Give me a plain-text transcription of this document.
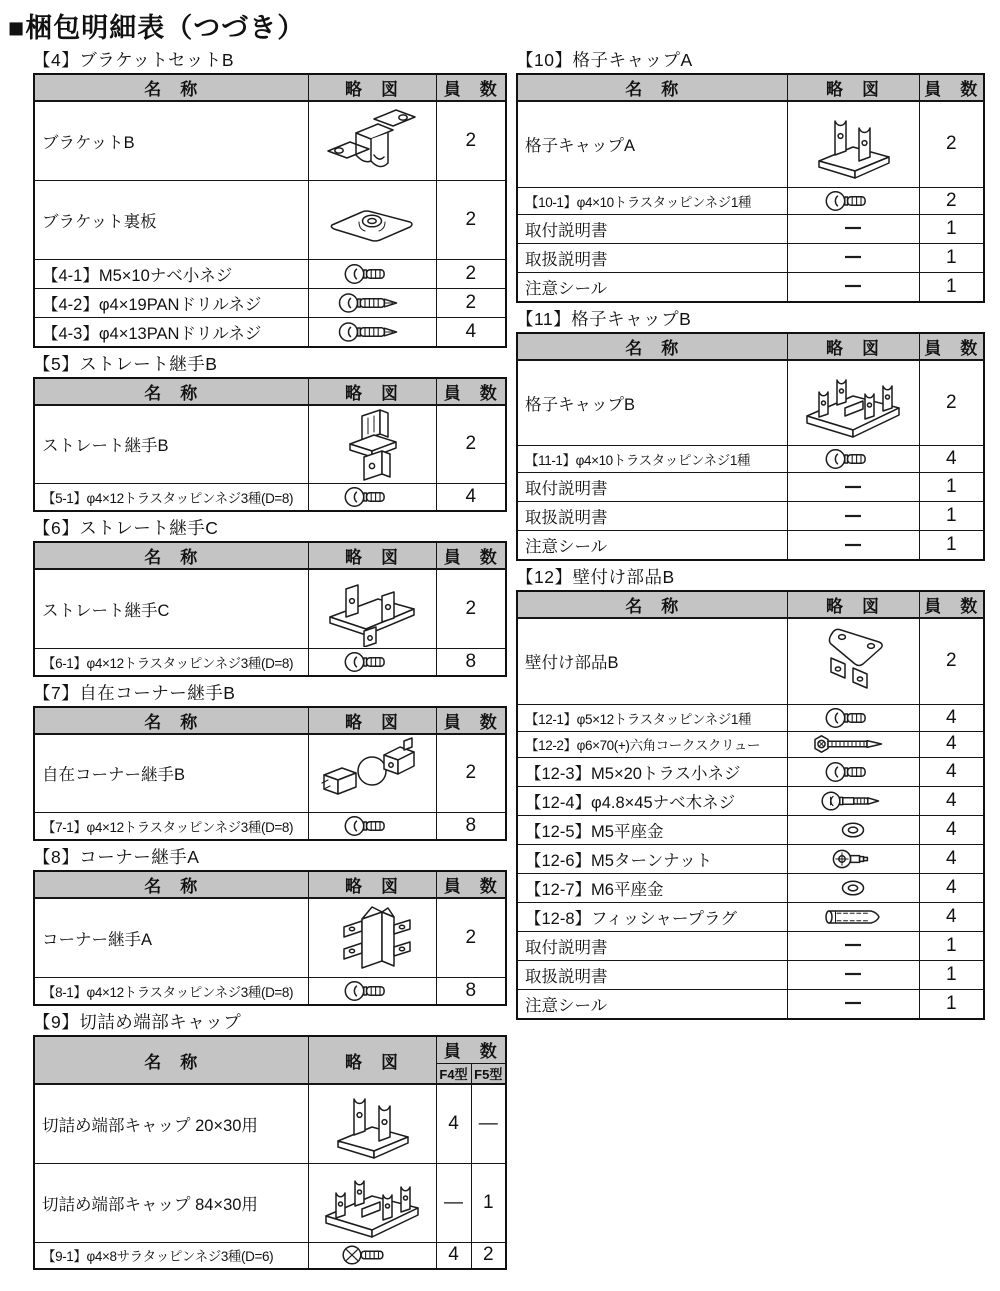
■梱包明細表（つづき）
【4】ブラケットセットB
名　称	略　図	員　数
ブラケットB		2
ブラケット裏板		2
【4-1】M5×10ナベ小ネジ		2
【4-2】φ4×19PANドリルネジ		2
【4-3】φ4×13PANドリルネジ		4
【5】ストレート継手B
名　称	略　図	員　数
ストレート継手B		2
【5-1】φ4×12トラスタッピンネジ3種(D=8)		4
【6】ストレート継手C
名　称	略　図	員　数
ストレート継手C		2
【6-1】φ4×12トラスタッピンネジ3種(D=8)		8
【7】自在コーナー継手B
名　称	略　図	員　数
自在コーナー継手B		2
【7-1】φ4×12トラスタッピンネジ3種(D=8)		8
【8】コーナー継手A
名　称	略　図	員　数
コーナー継手A		2
【8-1】φ4×12トラスタッピンネジ3種(D=8)		8
【9】切詰め端部キャップ
名　称	略　図	員　数	
		F4型	F5型
切詰め端部キャップ 20×30用		4	—
切詰め端部キャップ 84×30用		—	1
【9-1】φ4×8サラタッピンネジ3種(D=6)		4	2
【10】格子キャップA
名　称	略　図	員　数
格子キャップA		2
【10-1】φ4×10トラスタッピンネジ1種		2
取付説明書		1
取扱説明書		1
注意シール		1
【11】格子キャップB
名　称	略　図	員　数
格子キャップB		2
【11-1】φ4×10トラスタッピンネジ1種		4
取付説明書		1
取扱説明書		1
注意シール		1
【12】壁付け部品B
名　称	略　図	員　数
壁付け部品B		2
【12-1】φ5×12トラスタッピンネジ1種		4
【12-2】φ6×70(+)六角コークスクリュー		4
【12-3】M5×20トラス小ネジ		4
【12-4】φ4.8×45ナベ木ネジ		4
【12-5】M5平座金		4
【12-6】M5ターンナット		4
【12-7】M6平座金		4
【12-8】フィッシャープラグ		4
取付説明書		1
取扱説明書		1
注意シール		1
